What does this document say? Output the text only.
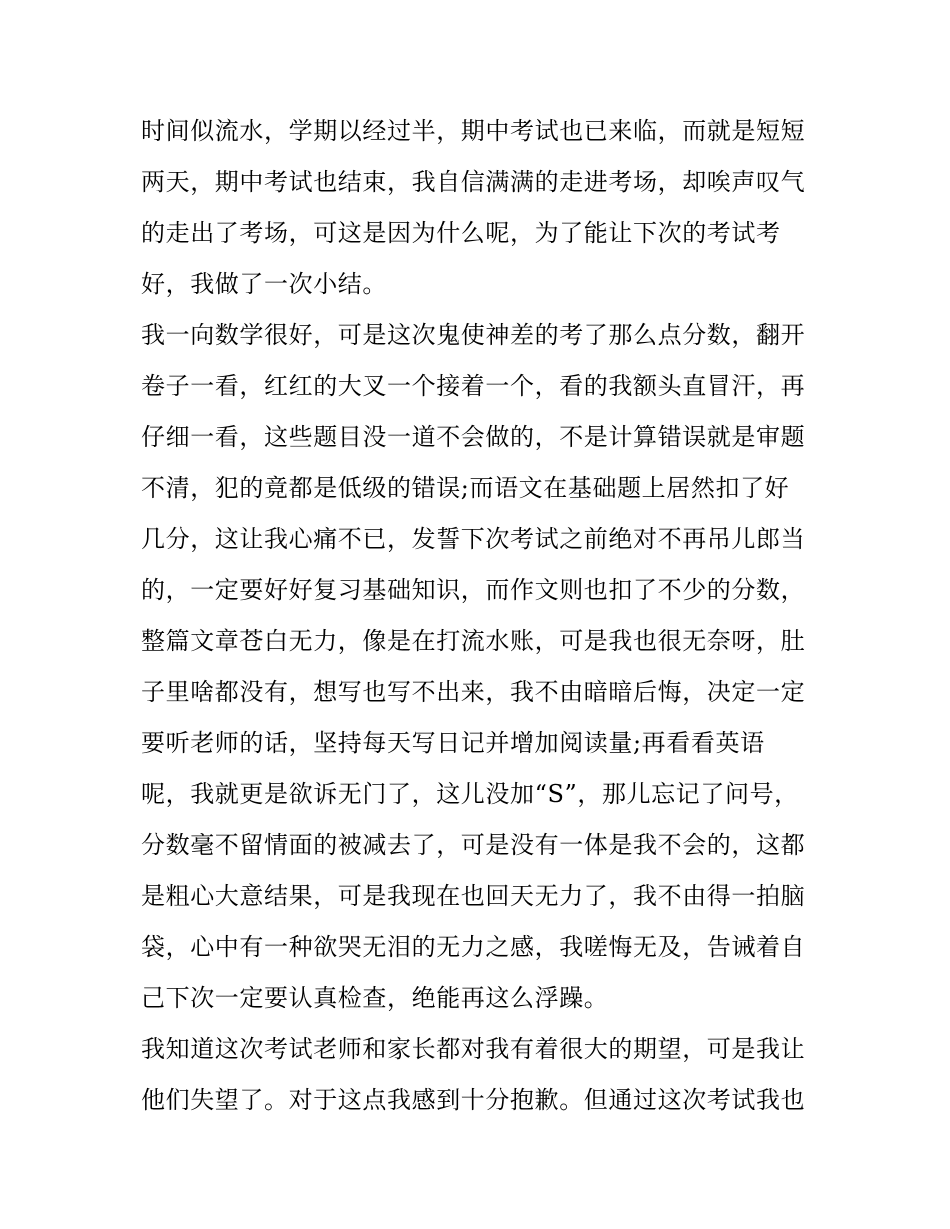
时间似流水，学期以经过半，期中考试也已来临，而就是短短
两天，期中考试也结束，我自信满满的走进考场，却唉声叹气
的走出了考场，可这是因为什么呢，为了能让下次的考试考
好，我做了一次小结。
我一向数学很好，可是这次鬼使神差的考了那么点分数，翻开
卷子一看，红红的大叉一个接着一个，看的我额头直冒汗，再
仔细一看，这些题目没一道不会做的，不是计算错误就是审题
不清，犯的竟都是低级的错误;而语文在基础题上居然扣了好
几分，这让我心痛不已，发誓下次考试之前绝对不再吊儿郎当
的，一定要好好复习基础知识，而作文则也扣了不少的分数，
整篇文章苍白无力，像是在打流水账，可是我也很无奈呀，肚
子里啥都没有，想写也写不出来，我不由暗暗后悔，决定一定
要听老师的话，坚持每天写日记并增加阅读量;再看看英语
呢，我就更是欲诉无门了，这儿没加“S”，那儿忘记了问号，
分数毫不留情面的被减去了，可是没有一体是我不会的，这都
是粗心大意结果，可是我现在也回天无力了，我不由得一拍脑
袋，心中有一种欲哭无泪的无力之感，我嗟悔无及，告诫着自
己下次一定要认真检查，绝能再这么浮躁。
我知道这次考试老师和家长都对我有着很大的期望，可是我让
他们失望了。对于这点我感到十分抱歉。但通过这次考试我也
